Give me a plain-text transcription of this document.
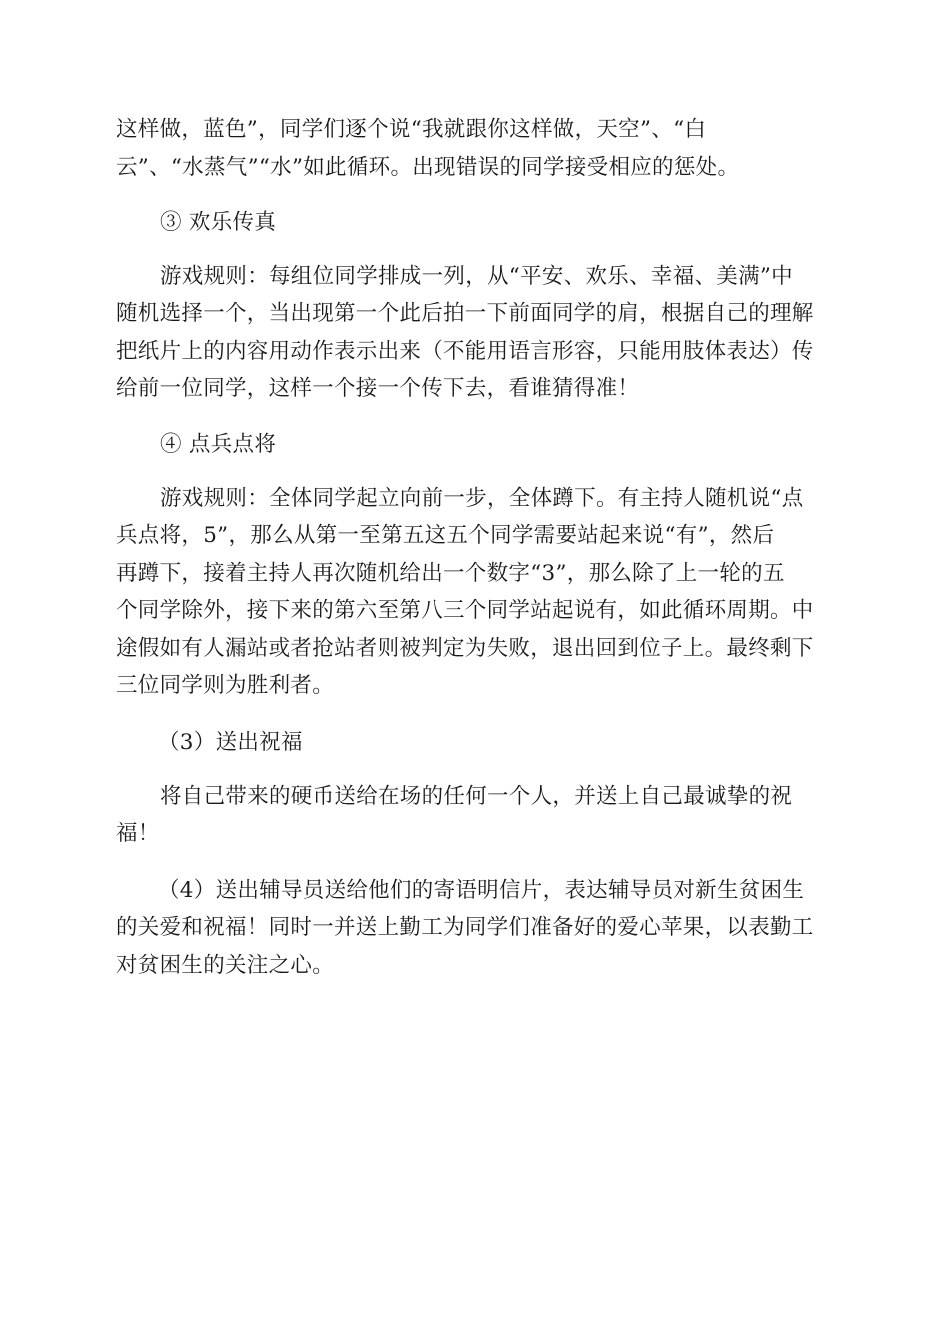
这样做，蓝色”，同学们逐个说“我就跟你这样做，天空”、“白
云”、“水蒸气”“水”如此循环。出现错误的同学接受相应的惩处。
③ 欢乐传真
游戏规则：每组位同学排成一列，从“平安、欢乐、幸福、美满”中
随机选择一个，当出现第一个此后拍一下前面同学的肩，根据自己的理解
把纸片上的内容用动作表示出来（不能用语言形容，只能用肢体表达）传
给前一位同学，这样一个接一个传下去，看谁猜得准！
④ 点兵点将
游戏规则：全体同学起立向前一步，全体蹲下。有主持人随机说“点
兵点将，5”，那么从第一至第五这五个同学需要站起来说“有”，然后
再蹲下，接着主持人再次随机给出一个数字“3”，那么除了上一轮的五
个同学除外，接下来的第六至第八三个同学站起说有，如此循环周期。中
途假如有人漏站或者抢站者则被判定为失败，退出回到位子上。最终剩下
三位同学则为胜利者。
（3）送出祝福
将自己带来的硬币送给在场的任何一个人，并送上自己最诚挚的祝
福！
（4）送出辅导员送给他们的寄语明信片，表达辅导员对新生贫困生
的关爱和祝福！同时一并送上勤工为同学们准备好的爱心苹果，以表勤工
对贫困生的关注之心。
